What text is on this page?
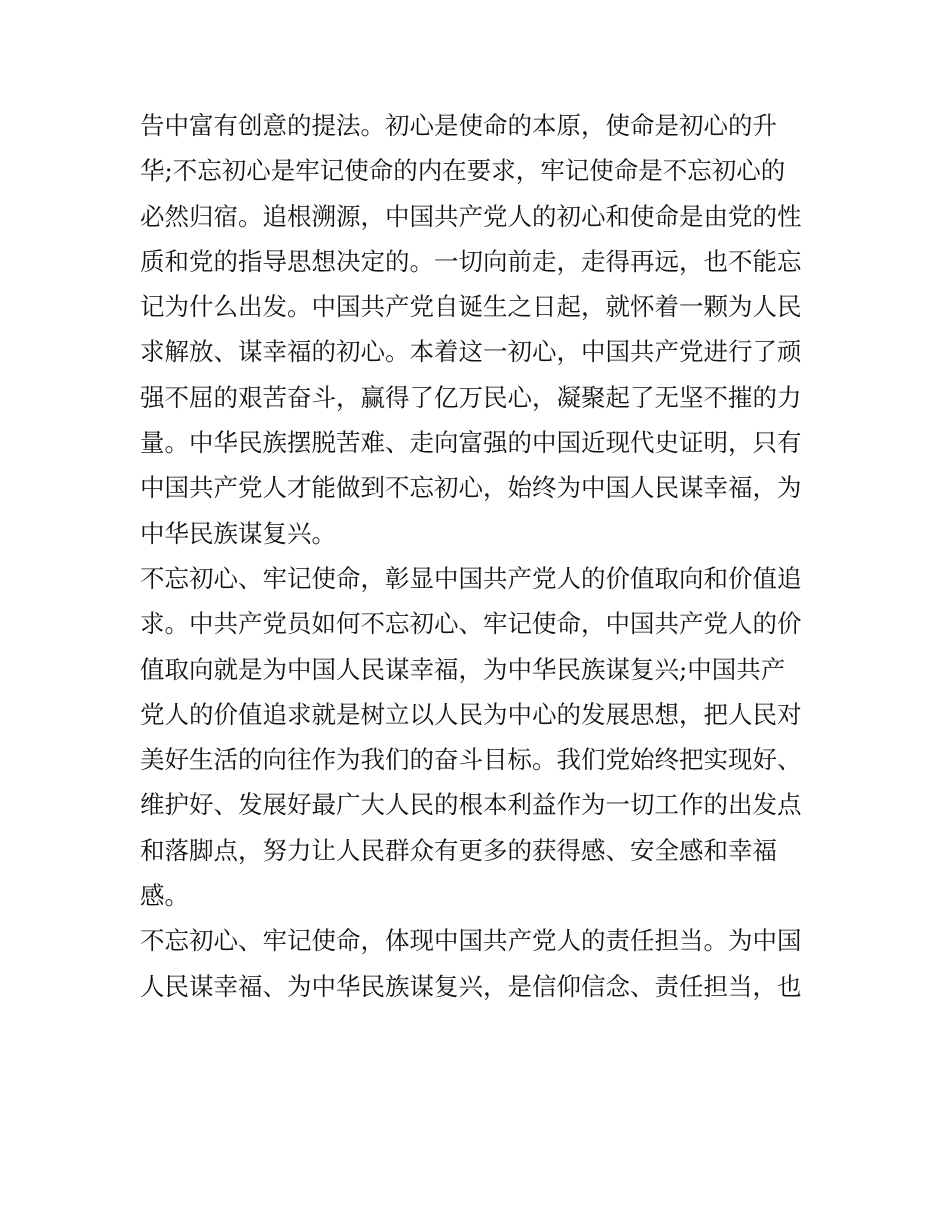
告中富有创意的提法。初心是使命的本原，使命是初心的升
华;不忘初心是牢记使命的内在要求，牢记使命是不忘初心的
必然归宿。追根溯源，中国共产党人的初心和使命是由党的性
质和党的指导思想决定的。一切向前走，走得再远，也不能忘
记为什么出发。中国共产党自诞生之日起，就怀着一颗为人民
求解放、谋幸福的初心。本着这一初心，中国共产党进行了顽
强不屈的艰苦奋斗，赢得了亿万民心，凝聚起了无坚不摧的力
量。中华民族摆脱苦难、走向富强的中国近现代史证明，只有
中国共产党人才能做到不忘初心，始终为中国人民谋幸福，为
中华民族谋复兴。
不忘初心、牢记使命，彰显中国共产党人的价值取向和价值追
求。中共产党员如何不忘初心、牢记使命，中国共产党人的价
值取向就是为中国人民谋幸福，为中华民族谋复兴;中国共产
党人的价值追求就是树立以人民为中心的发展思想，把人民对
美好生活的向往作为我们的奋斗目标。我们党始终把实现好、
维护好、发展好最广大人民的根本利益作为一切工作的出发点
和落脚点，努力让人民群众有更多的获得感、安全感和幸福
感。
不忘初心、牢记使命，体现中国共产党人的责任担当。为中国
人民谋幸福、为中华民族谋复兴，是信仰信念、责任担当，也
